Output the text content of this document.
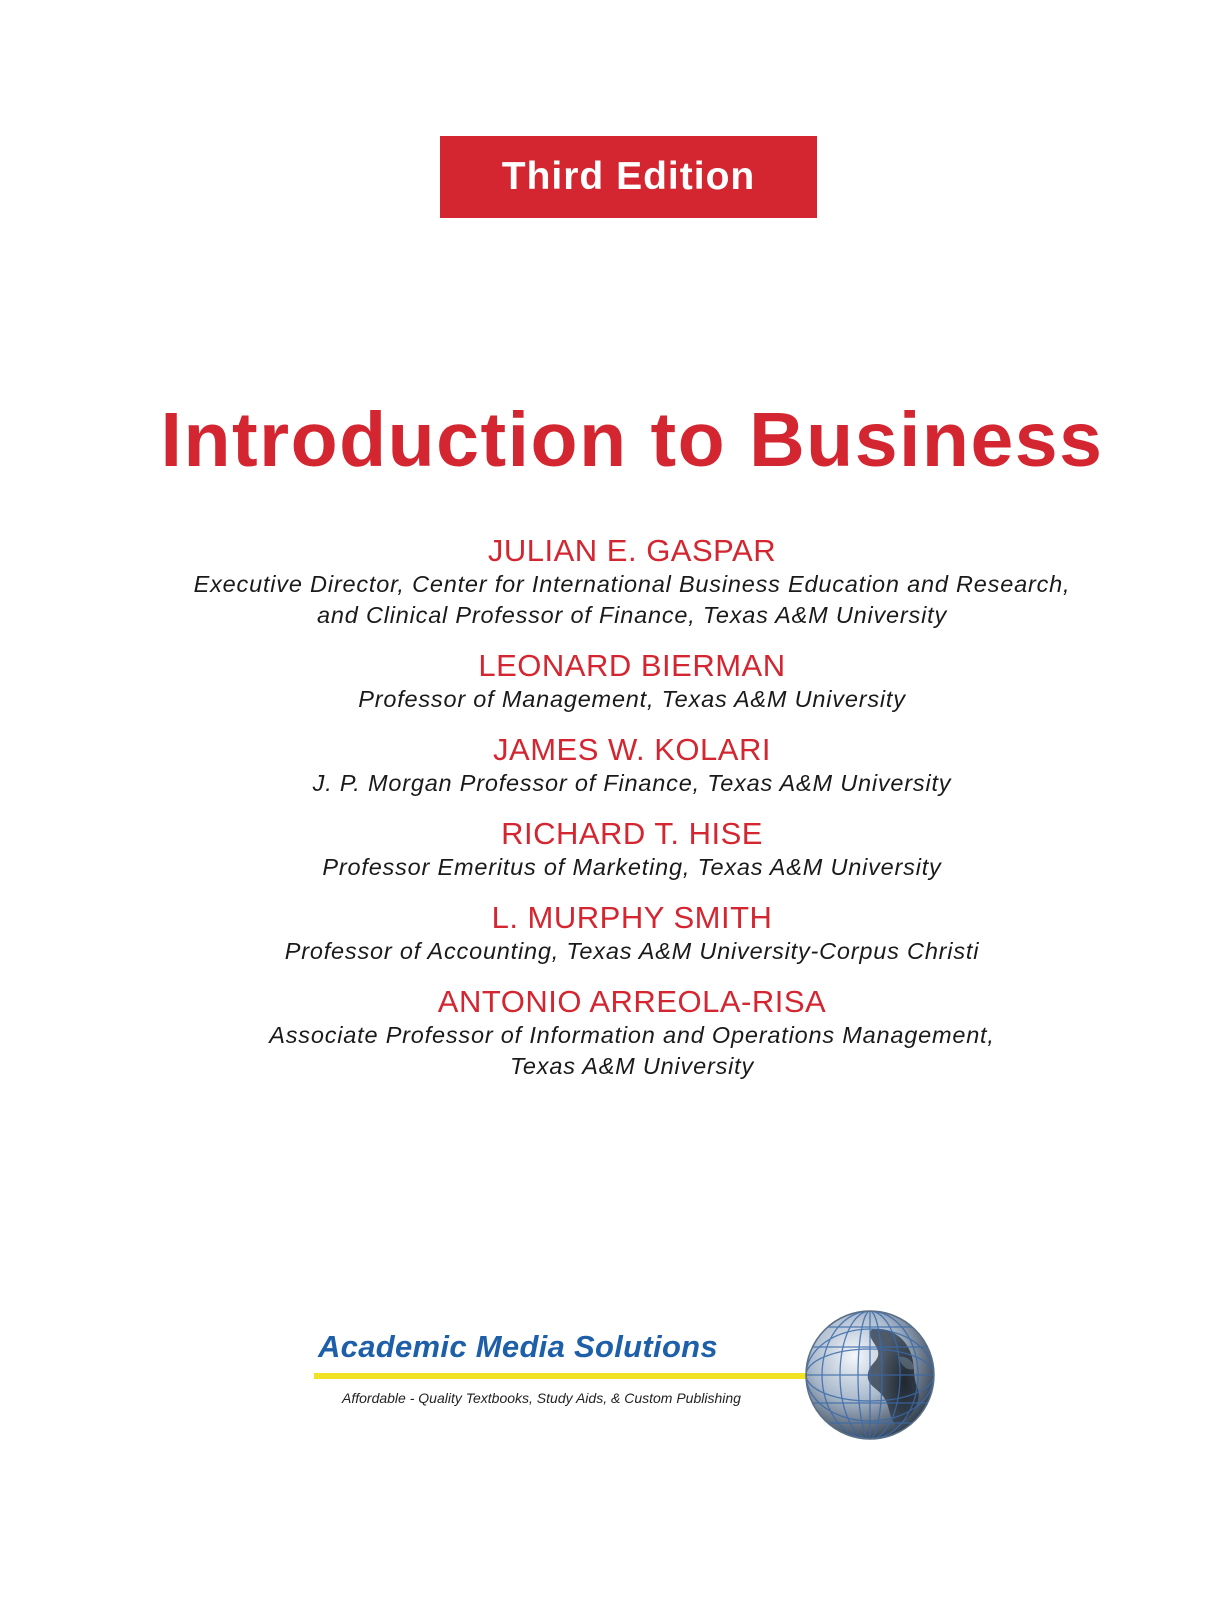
Third Edition
Introduction to Business
JULIAN E. GASPAR
Executive Director, Center for International Business Education and Research,
and Clinical Professor of Finance, Texas A&M University
LEONARD BIERMAN
Professor of Management, Texas A&M University
JAMES W. KOLARI
J. P. Morgan Professor of Finance, Texas A&M University
RICHARD T. HISE
Professor Emeritus of Marketing, Texas A&M University
L. MURPHY SMITH
Professor of Accounting, Texas A&M University-Corpus Christi
ANTONIO ARREOLA-RISA
Associate Professor of Information and Operations Management,
Texas A&M University
Academic Media Solutions
Affordable - Quality Textbooks, Study Aids, & Custom Publishing
